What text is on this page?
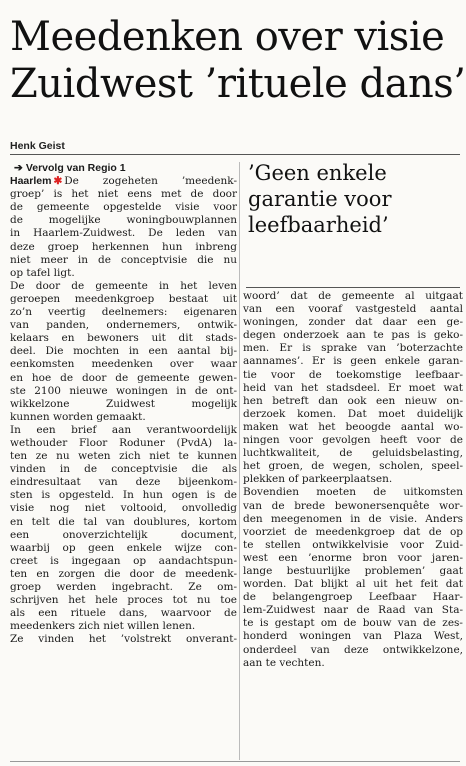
Meedenken over visie
Zuidwest ’rituele dans’
Henk Geist
➔ Vervolg van Regio 1
Haarlem ✱ De zogeheten ’meedenk-
groep’ is het niet eens met de door
de gemeente opgestelde visie voor
de mogelijke woningbouwplannen
in Haarlem-Zuidwest. De leden van
deze groep herkennen hun inbreng
niet meer in de conceptvisie die nu
op tafel ligt.
De door de gemeente in het leven
geroepen meedenkgroep bestaat uit
zo’n veertig deelnemers: eigenaren
van panden, ondernemers, ontwik-
kelaars en bewoners uit dit stads-
deel. Die mochten in een aantal bij-
eenkomsten meedenken over waar
en hoe de door de gemeente gewen-
ste 2100 nieuwe woningen in de ont-
wikkelzone Zuidwest mogelijk
kunnen worden gemaakt.
In een brief aan verantwoordelijk
wethouder Floor Roduner (PvdA) la-
ten ze nu weten zich niet te kunnen
vinden in de conceptvisie die als
eindresultaat van deze bijeenkom-
sten is opgesteld. In hun ogen is de
visie nog niet voltooid, onvolledig
en telt die tal van doublures, kortom
een onoverzichtelijk document,
waarbij op geen enkele wijze con-
creet is ingegaan op aandachtspun-
ten en zorgen die door de meedenk-
groep werden ingebracht. Ze om-
schrijven het hele proces tot nu toe
als een rituele dans, waarvoor de
meedenkers zich niet willen lenen.
Ze vinden het ’volstrekt onverant-
’Geen enkele
garantie voor
leefbaarheid’
woord’ dat de gemeente al uitgaat
van een vooraf vastgesteld aantal
woningen, zonder dat daar een ge-
degen onderzoek aan te pas is geko-
men. Er is sprake van ’boterzachte
aannames’. Er is geen enkele garan-
tie voor de toekomstige leefbaar-
heid van het stadsdeel. Er moet wat
hen betreft dan ook een nieuw on-
derzoek komen. Dat moet duidelijk
maken wat het beoogde aantal wo-
ningen voor gevolgen heeft voor de
luchtkwaliteit, de geluidsbelasting,
het groen, de wegen, scholen, speel-
plekken of parkeerplaatsen.
Bovendien moeten de uitkomsten
van de brede bewonersenquête wor-
den meegenomen in de visie. Anders
voorziet de meedenkgroep dat de op
te stellen ontwikkelvisie voor Zuid-
west een ’enorme bron voor jaren-
lange bestuurlijke problemen’ gaat
worden. Dat blijkt al uit het feit dat
de belangengroep Leefbaar Haar-
lem-Zuidwest naar de Raad van Sta-
te is gestapt om de bouw van de zes-
honderd woningen van Plaza West,
onderdeel van deze ontwikkelzone,
aan te vechten.
